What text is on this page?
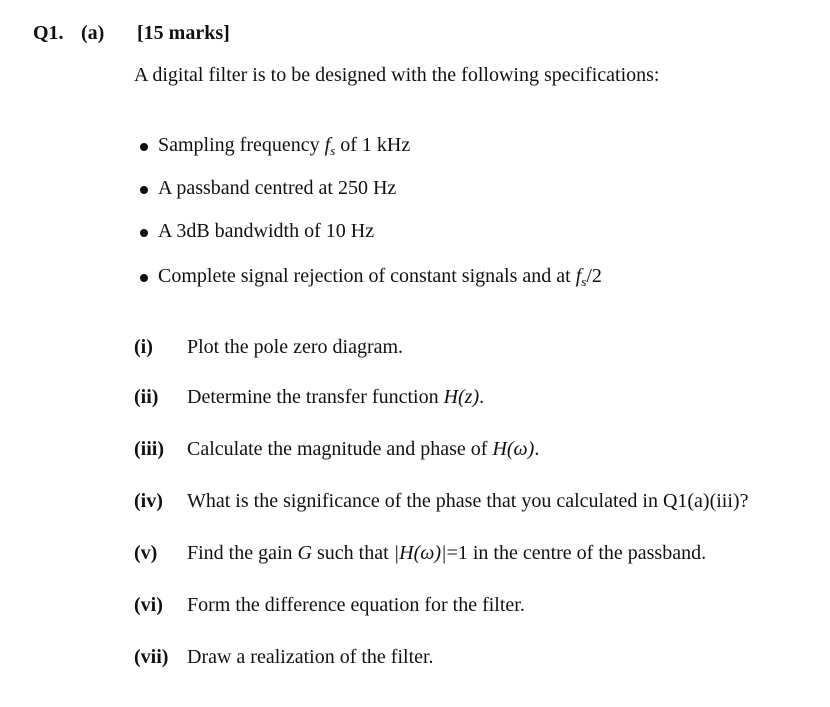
Q1. (a) [15 marks]
A digital filter is to be designed with the following specifications:
Sampling frequency $f_s$ of 1 kHz
A passband centred at 250 Hz
A 3dB bandwidth of 10 Hz
Complete signal rejection of constant signals and at $f_s/2$
(i) Plot the pole zero diagram.
(ii) Determine the transfer function H(z).
(iii) Calculate the magnitude and phase of H(ω).
(iv) What is the significance of the phase that you calculated in Q1(a)(iii)?
(v) Find the gain G such that |H(ω)|=1 in the centre of the passband.
(vi) Form the difference equation for the filter.
(vii) Draw a realization of the filter.
